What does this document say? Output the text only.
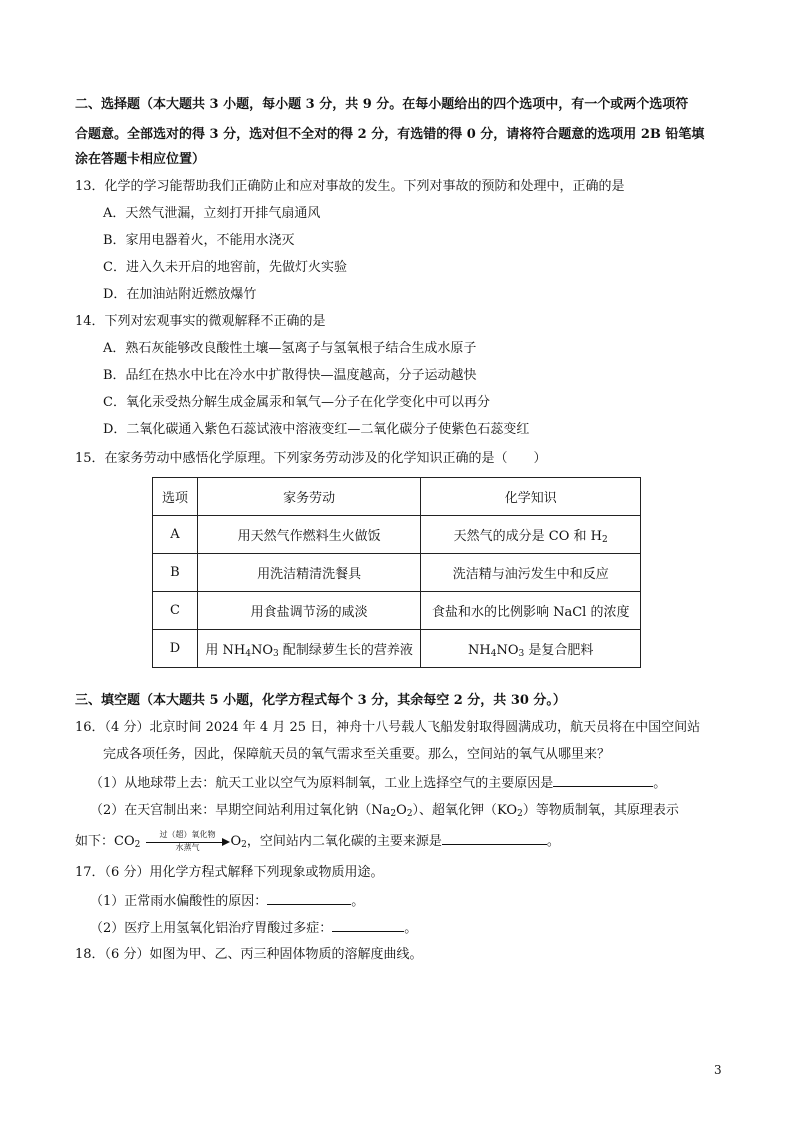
二、选择题（本大题共 3 小题，每小题 3 分，共 9 分。在每小题给出的四个选项中，有一个或两个选项符
合题意。全部选对的得 3 分，选对但不全对的得 2 分，有选错的得 0 分，请将符合题意的选项用 2B 铅笔填
涂在答题卡相应位置）
13．化学的学习能帮助我们正确防止和应对事故的发生。下列对事故的预防和处理中，正确的是
A．天然气泄漏，立刻打开排气扇通风
B．家用电器着火，不能用水浇灭
C．进入久未开启的地窖前，先做灯火实验
D．在加油站附近燃放爆竹
14．下列对宏观事实的微观解释不正确的是
A．熟石灰能够改良酸性土壤—氢离子与氢氧根子结合生成水原子
B．品红在热水中比在冷水中扩散得快—温度越高，分子运动越快
C．氧化汞受热分解生成金属汞和氧气—分子在化学变化中可以再分
D．二氧化碳通入紫色石蕊试液中溶液变红—二氧化碳分子使紫色石蕊变红
15．在家务劳动中感悟化学原理。下列家务劳动涉及的化学知识正确的是（　　）
选项	家务劳动	化学知识
A	用天然气作燃料生火做饭	天然气的成分是 CO 和 $H_2$
B	用洗洁精清洗餐具	洗洁精与油污发生中和反应
C	用食盐调节汤的咸淡	食盐和水的比例影响 NaCl 的浓度
D	用 $NH_4NO_3$ 配制绿萝生长的营养液	$NH_4NO_3$ 是复合肥料
三、填空题（本大题共 5 小题，化学方程式每个 3 分，其余每空 2 分，共 30 分。）
16．（4 分）北京时间 2024 年 4 月 25 日，神舟十八号载人飞船发射取得圆满成功，航天员将在中国空间站
完成各项任务，因此，保障航天员的氧气需求至关重要。那么，空间站的氧气从哪里来？
（1）从地球带上去：航天工业以空气为原料制氧，工业上选择空气的主要原因是	。
（2）在天宫制出来：早期空间站利用过氧化钠$(Na_2O_2)$、超氧化钾$(KO_2)$等物质制氧，其原理表示
如下：$CO_2$
过（超）氧化物
水蒸气	$O_2$，空间站内二氧化碳的主要来源是	。
17．（6 分）用化学方程式解释下列现象或物质用途。
（1）正常雨水偏酸性的原因：	。
（2）医疗上用氢氧化铝治疗胃酸过多症：	。
18．（6 分）如图为甲、乙、丙三种固体物质的溶解度曲线。
3
